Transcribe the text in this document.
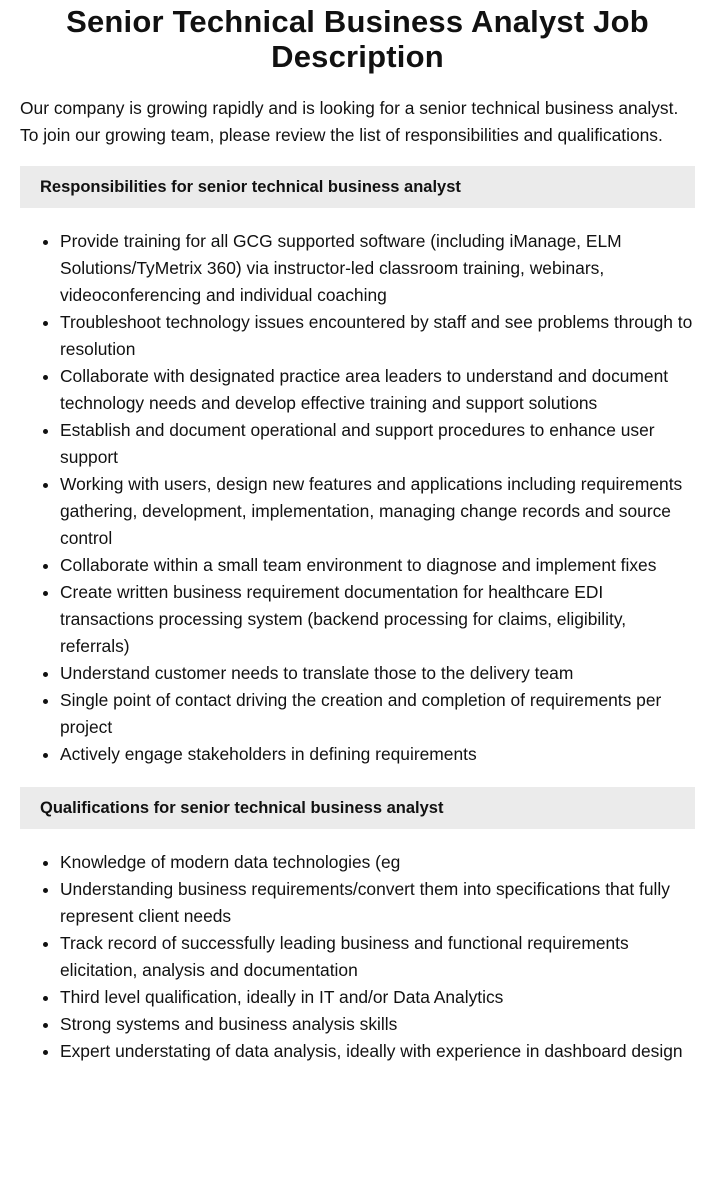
Senior Technical Business Analyst Job Description

Our company is growing rapidly and is looking for a senior technical business analyst. To join our growing team, please review the list of responsibilities and qualifications.

Responsibilities for senior technical business analyst
• Provide training for all GCG supported software (including iManage, ELM Solutions/TyMetrix 360) via instructor-led classroom training, webinars, videoconferencing and individual coaching
• Troubleshoot technology issues encountered by staff and see problems through to resolution
• Collaborate with designated practice area leaders to understand and document technology needs and develop effective training and support solutions
• Establish and document operational and support procedures to enhance user support
• Working with users, design new features and applications including requirements gathering, development, implementation, managing change records and source control
• Collaborate within a small team environment to diagnose and implement fixes
• Create written business requirement documentation for healthcare EDI transactions processing system (backend processing for claims, eligibility, referrals)
• Understand customer needs to translate those to the delivery team
• Single point of contact driving the creation and completion of requirements per project
• Actively engage stakeholders in defining requirements
Qualifications for senior technical business analyst
• Knowledge of modern data technologies (eg
• Understanding business requirements/convert them into specifications that fully represent client needs
• Track record of successfully leading business and functional requirements elicitation, analysis and documentation
• Third level qualification, ideally in IT and/or Data Analytics
• Strong systems and business analysis skills
• Expert understating of data analysis, ideally with experience in dashboard design
